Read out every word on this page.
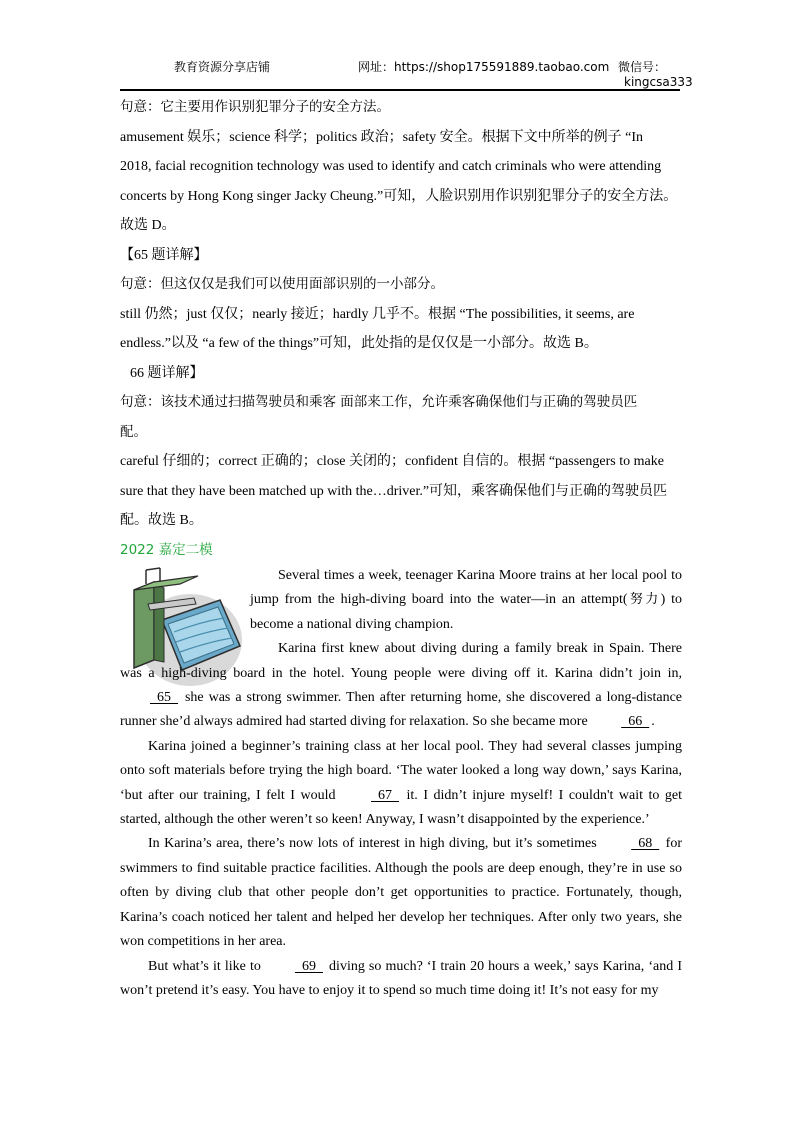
教育资源分享店铺	网址：https://shop175591889.taobao.com 微信号：
kingcsa333

句意：它主要用作识别犯罪分子的安全方法。

amusement 娱乐；science 科学；politics 政治；safety 安全。根据下文中所举的例子 “In

2018, facial recognition technology was used to identify and catch criminals who were attending

concerts by Hong Kong singer Jacky Cheung.”可知，人脸识别用作识别犯罪分子的安全方法。

故选 D。

【65 题详解】

句意：但这仅仅是我们可以使用面部识别的一小部分。

still 仍然；just 仅仅；nearly 接近；hardly 几乎不。根据 “The possibilities, it seems, are

endless.”以及 “a few of the things”可知，此处指的是仅仅是一小部分。故选 B。

66 题详解】

句意：该技术通过扫描驾驶员和乘客 面部来工作，允许乘客确保他们与正确的驾驶员匹

配。

careful 仔细的；correct 正确的；close 关闭的；confident 自信的。根据 “passengers to make

sure that they have been matched up with the…driver.”可知，乘客确保他们与正确的驾驶员匹

配。故选 B。

2022 嘉定二模

Several times a week, teenager Karina Moore trains at her local pool to jump from the high-diving board into the water—in an attempt(努力) to become a national diving champion.

Karina first knew about diving during a family break in Spain. There was a high-diving board in the hotel. Young people were diving off it. Karina didn’t join in,   65   she was a strong swimmer. Then after returning home, she discovered a long-distance runner she’d always admired had started diving for relaxation. So she became more   66  .

Karina joined a beginner’s training class at her local pool. They had several classes jumping onto soft materials before trying the high board. ‘The water looked a long way down,’ says Karina, ‘but after our training, I felt I would   67   it. I didn’t injure myself! I couldn't wait to get started, although the other weren’t so keen! Anyway, I wasn’t disappointed by the experience.’

In Karina’s area, there’s now lots of interest in high diving, but it’s sometimes   68   for swimmers to find suitable practice facilities. Although the pools are deep enough, they’re in use so often by diving club that other people don’t get opportunities to practice. Fortunately, though, Karina’s coach noticed her talent and helped her develop her techniques. After only two years, she won competitions in her area.

But what’s it like to   69   diving so much? ‘I train 20 hours a week,’ says Karina, ‘and I won’t pretend it’s easy. You have to enjoy it to spend so much time doing it! It’s not easy for my
